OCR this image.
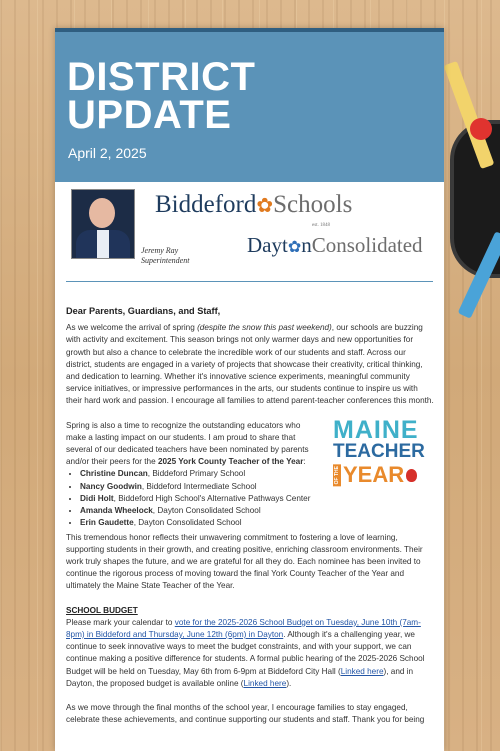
DISTRICT
UPDATE
April 2, 2025
Jeremy Ray
Superintendent
Biddeford✿Schools
est. 1848
Dayt✿nConsolidated

Dear Parents, Guardians, and Staff,

As we welcome the arrival of spring (despite the snow this past weekend), our schools are buzzing with activity and excitement. This season brings not only warmer days and new opportunities for growth but also a chance to celebrate the incredible work of our students and staff. Across our district, students are engaged in a variety of projects that showcase their creativity, critical thinking, and dedication to learning. Whether it's innovative science experiments, meaningful community service initiatives, or impressive performances in the arts, our students continue to inspire us with their hard work and passion. I encourage all families to attend parent-teacher conferences this month.

Spring is also a time to recognize the outstanding educators who make a lasting impact on our students. I am proud to share that several of our dedicated teachers have been nominated by parents and/or their peers for the 2025 York County Teacher of the Year:

• Christine Duncan, Biddeford Primary School
• Nancy Goodwin, Biddeford Intermediate School
• Didi Holt, Biddeford High School's Alternative Pathways Center
• Amanda Wheelock, Dayton Consolidated School
• Erin Gaudette, Dayton Consolidated School
MAINE
TEACHER
OF THE YEAR

This tremendous honor reflects their unwavering commitment to fostering a love of learning, supporting students in their growth, and creating positive, enriching classroom environments. Their work truly shapes the future, and we are grateful for all they do. Each nominee has been invited to continue the rigorous process of moving toward the final York County Teacher of the Year and ultimately the Maine State Teacher of the Year.

SCHOOL BUDGET

Please mark your calendar to vote for the 2025-2026 School Budget on Tuesday, June 10th (7am-8pm) in Biddeford and Thursday, June 12th (6pm) in Dayton. Although it's a challenging year, we continue to seek innovative ways to meet the budget constraints, and with your support, we can continue making a positive difference for students. A formal public hearing of the 2025-2026 School Budget will be held on Tuesday, May 6th from 6-9pm at Biddeford City Hall (Linked here), and in Dayton, the proposed budget is available online (Linked here).

As we move through the final months of the school year, I encourage families to stay engaged, celebrate these achievements, and continue supporting our students and staff. Thank you for being
